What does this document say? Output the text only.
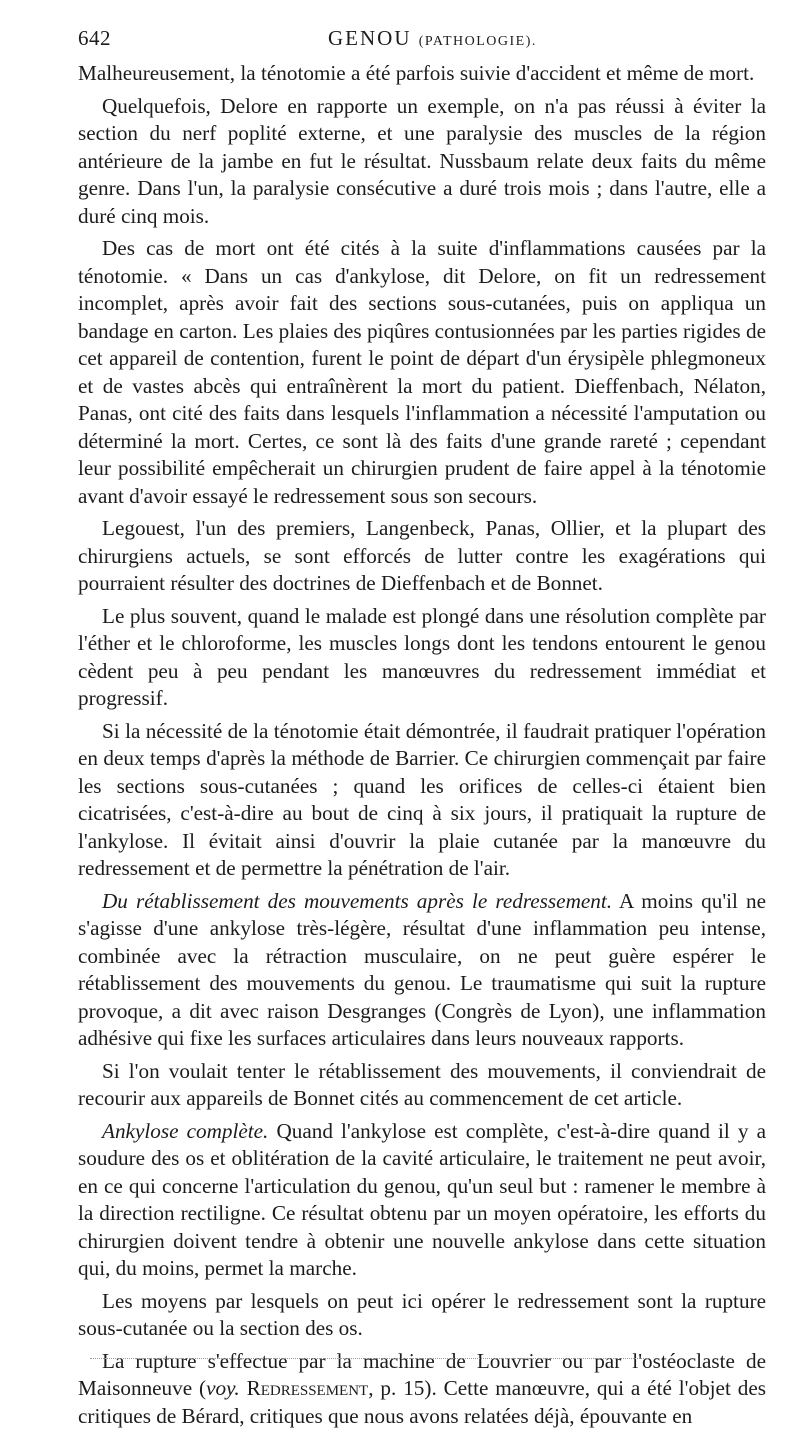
642	GENOU (PATHOLOGIE).

Malheureusement, la ténotomie a été parfois suivie d'accident et même de mort.

Quelquefois, Delore en rapporte un exemple, on n'a pas réussi à éviter la section du nerf poplité externe, et une paralysie des muscles de la région antérieure de la jambe en fut le résultat. Nussbaum relate deux faits du même genre. Dans l'un, la paralysie consécutive a duré trois mois ; dans l'autre, elle a duré cinq mois.

Des cas de mort ont été cités à la suite d'inflammations causées par la ténotomie. « Dans un cas d'ankylose, dit Delore, on fit un redressement incomplet, après avoir fait des sections sous-cutanées, puis on appliqua un bandage en carton. Les plaies des piqûres contusionnées par les parties rigides de cet appareil de contention, furent le point de départ d'un érysipèle phlegmoneux et de vastes abcès qui entraînèrent la mort du patient. Dieffenbach, Nélaton, Panas, ont cité des faits dans lesquels l'inflammation a nécessité l'amputation ou déterminé la mort. Certes, ce sont là des faits d'une grande rareté ; cependant leur possibilité empêcherait un chirurgien prudent de faire appel à la ténotomie avant d'avoir essayé le redressement sous son secours.

Legouest, l'un des premiers, Langenbeck, Panas, Ollier, et la plupart des chirurgiens actuels, se sont efforcés de lutter contre les exagérations qui pourraient résulter des doctrines de Dieffenbach et de Bonnet.

Le plus souvent, quand le malade est plongé dans une résolution complète par l'éther et le chloroforme, les muscles longs dont les tendons entourent le genou cèdent peu à peu pendant les manœuvres du redressement immédiat et progressif.

Si la nécessité de la ténotomie était démontrée, il faudrait pratiquer l'opération en deux temps d'après la méthode de Barrier. Ce chirurgien commençait par faire les sections sous-cutanées ; quand les orifices de celles-ci étaient bien cicatrisées, c'est-à-dire au bout de cinq à six jours, il pratiquait la rupture de l'ankylose. Il évitait ainsi d'ouvrir la plaie cutanée par la manœuvre du redressement et de permettre la pénétration de l'air.

Du rétablissement des mouvements après le redressement. A moins qu'il ne s'agisse d'une ankylose très-légère, résultat d'une inflammation peu intense, combinée avec la rétraction musculaire, on ne peut guère espérer le rétablissement des mouvements du genou. Le traumatisme qui suit la rupture provoque, a dit avec raison Desgranges (Congrès de Lyon), une inflammation adhésive qui fixe les surfaces articulaires dans leurs nouveaux rapports.

Si l'on voulait tenter le rétablissement des mouvements, il conviendrait de recourir aux appareils de Bonnet cités au commencement de cet article.

Ankylose complète. Quand l'ankylose est complète, c'est-à-dire quand il y a soudure des os et oblitération de la cavité articulaire, le traitement ne peut avoir, en ce qui concerne l'articulation du genou, qu'un seul but : ramener le membre à la direction rectiligne. Ce résultat obtenu par un moyen opératoire, les efforts du chirurgien doivent tendre à obtenir une nouvelle ankylose dans cette situation qui, du moins, permet la marche.

Les moyens par lesquels on peut ici opérer le redressement sont la rupture sous-cutanée ou la section des os.

La rupture s'effectue par la machine de Louvrier ou par l'ostéoclaste de Maisonneuve (voy. Redressement, p. 15). Cette manœuvre, qui a été l'objet des critiques de Bérard, critiques que nous avons relatées déjà, épouvante en
